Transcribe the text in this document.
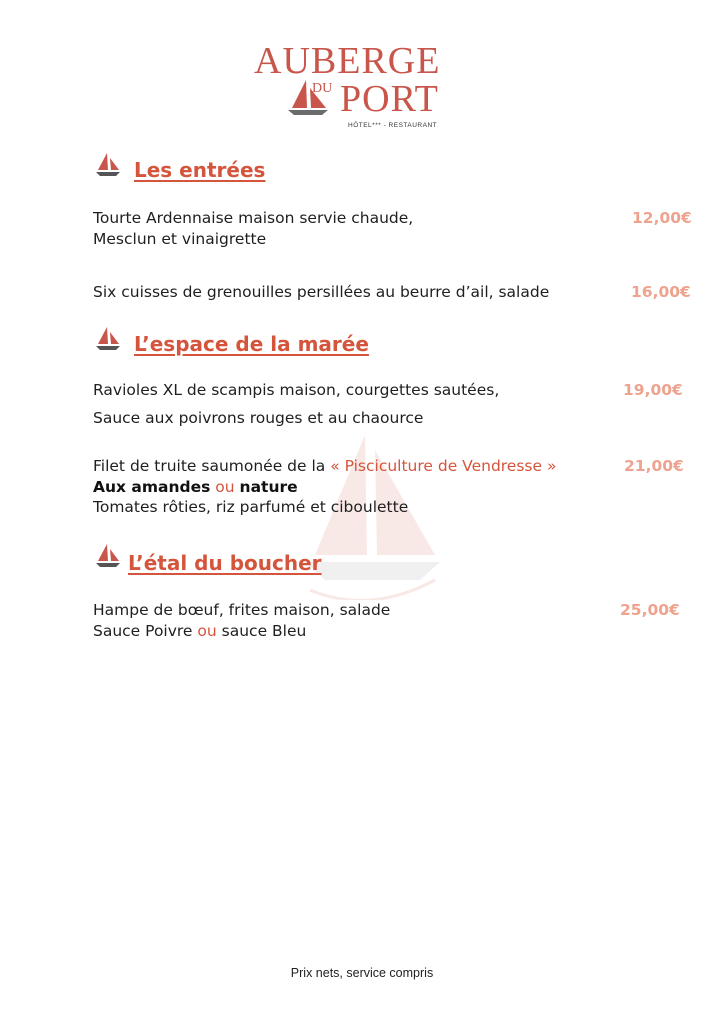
AUBERGE
DU PORT
HÔTEL*** - RESTAURANT
Les entrées
Tourte Ardennaise maison servie chaude,
Mesclun et vinaigrette
12,00€
Six cuisses de grenouilles persillées au beurre d’ail, salade	16,00€
L’espace de la marée
Ravioles XL de scampis maison, courgettes sautées,
Sauce aux poivrons rouges et au chaource
19,00€
Filet de truite saumonée de la « Pisciculture de Vendresse »
Aux amandes ou nature
Tomates rôties, riz parfumé et ciboulette
21,00€
L’étal du boucher
Hampe de bœuf, frites maison, salade
Sauce Poivre ou sauce Bleu
25,00€
Prix nets, service compris
